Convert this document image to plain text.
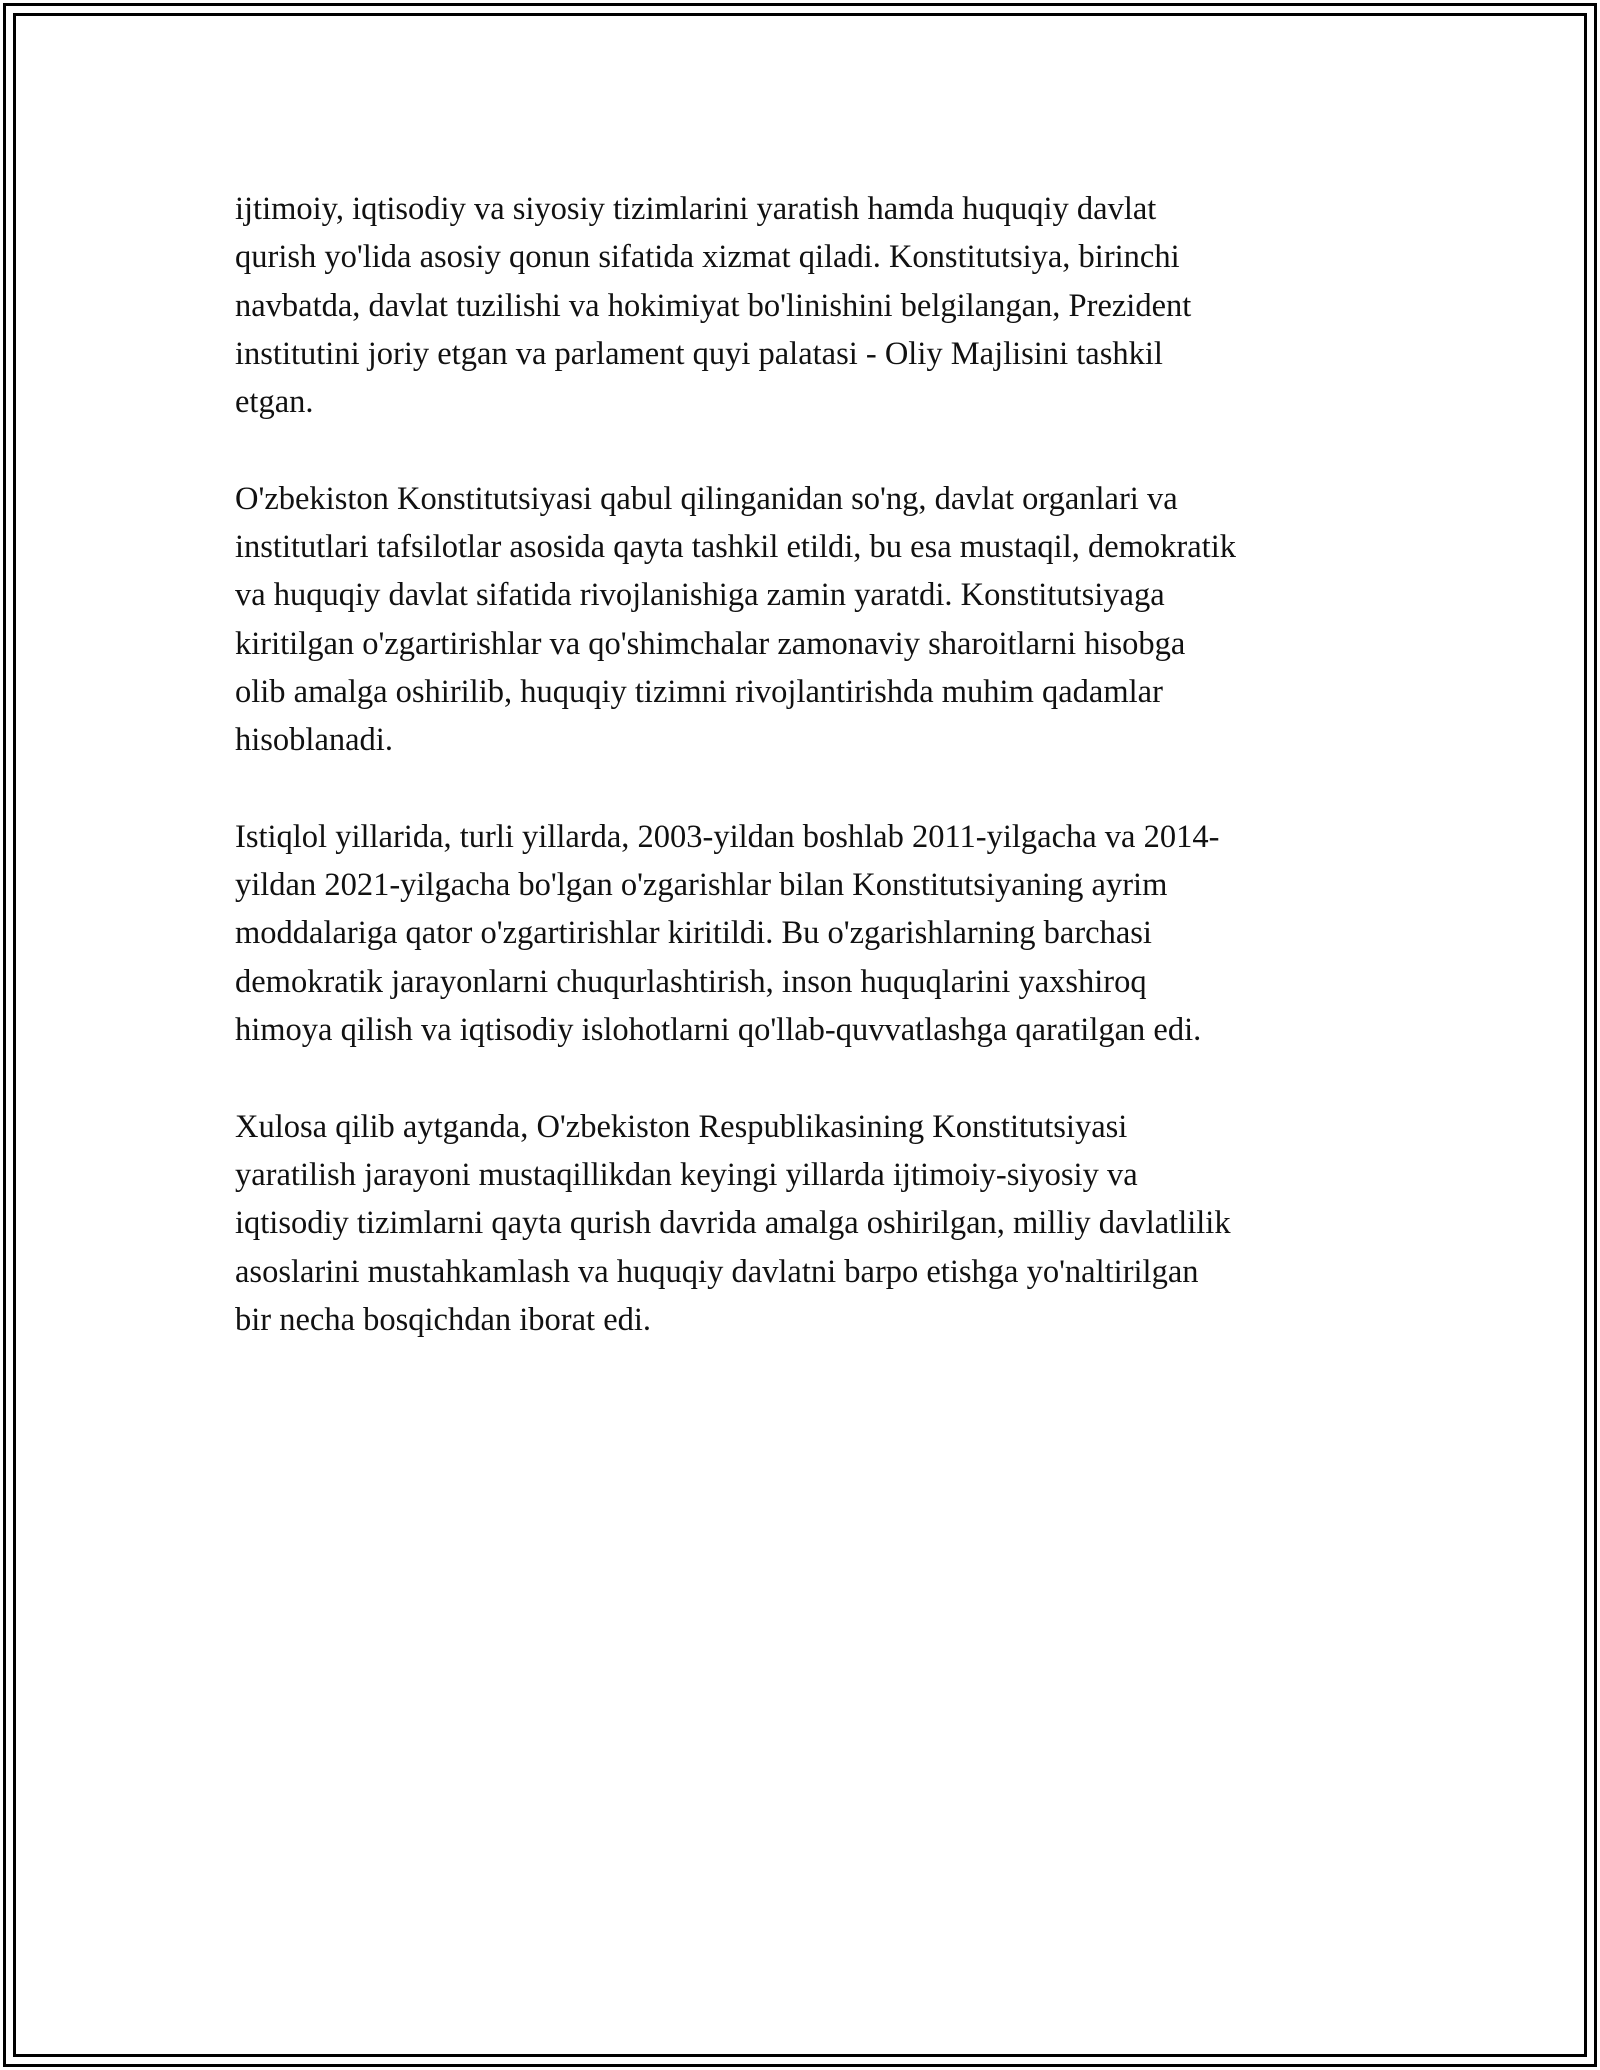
ijtimoiy, iqtisodiy va siyosiy tizimlarini yaratish hamda huquqiy davlat
qurish yo'lida asosiy qonun sifatida xizmat qiladi. Konstitutsiya, birinchi
navbatda, davlat tuzilishi va hokimiyat bo'linishini belgilangan, Prezident
institutini joriy etgan va parlament quyi palatasi - Oliy Majlisini tashkil
etgan.

O'zbekiston Konstitutsiyasi qabul qilinganidan so'ng, davlat organlari va
institutlari tafsilotlar asosida qayta tashkil etildi, bu esa mustaqil, demokratik
va huquqiy davlat sifatida rivojlanishiga zamin yaratdi. Konstitutsiyaga
kiritilgan o'zgartirishlar va qo'shimchalar zamonaviy sharoitlarni hisobga
olib amalga oshirilib, huquqiy tizimni rivojlantirishda muhim qadamlar
hisoblanadi.

Istiqlol yillarida, turli yillarda, 2003-yildan boshlab 2011-yilgacha va 2014-
yildan 2021-yilgacha bo'lgan o'zgarishlar bilan Konstitutsiyaning ayrim
moddalariga qator o'zgartirishlar kiritildi. Bu o'zgarishlarning barchasi
demokratik jarayonlarni chuqurlashtirish, inson huquqlarini yaxshiroq
himoya qilish va iqtisodiy islohotlarni qo'llab-quvvatlashga qaratilgan edi.

Xulosa qilib aytganda, O'zbekiston Respublikasining Konstitutsiyasi
yaratilish jarayoni mustaqillikdan keyingi yillarda ijtimoiy-siyosiy va
iqtisodiy tizimlarni qayta qurish davrida amalga oshirilgan, milliy davlatlilik
asoslarini mustahkamlash va huquqiy davlatni barpo etishga yo'naltirilgan
bir necha bosqichdan iborat edi.
